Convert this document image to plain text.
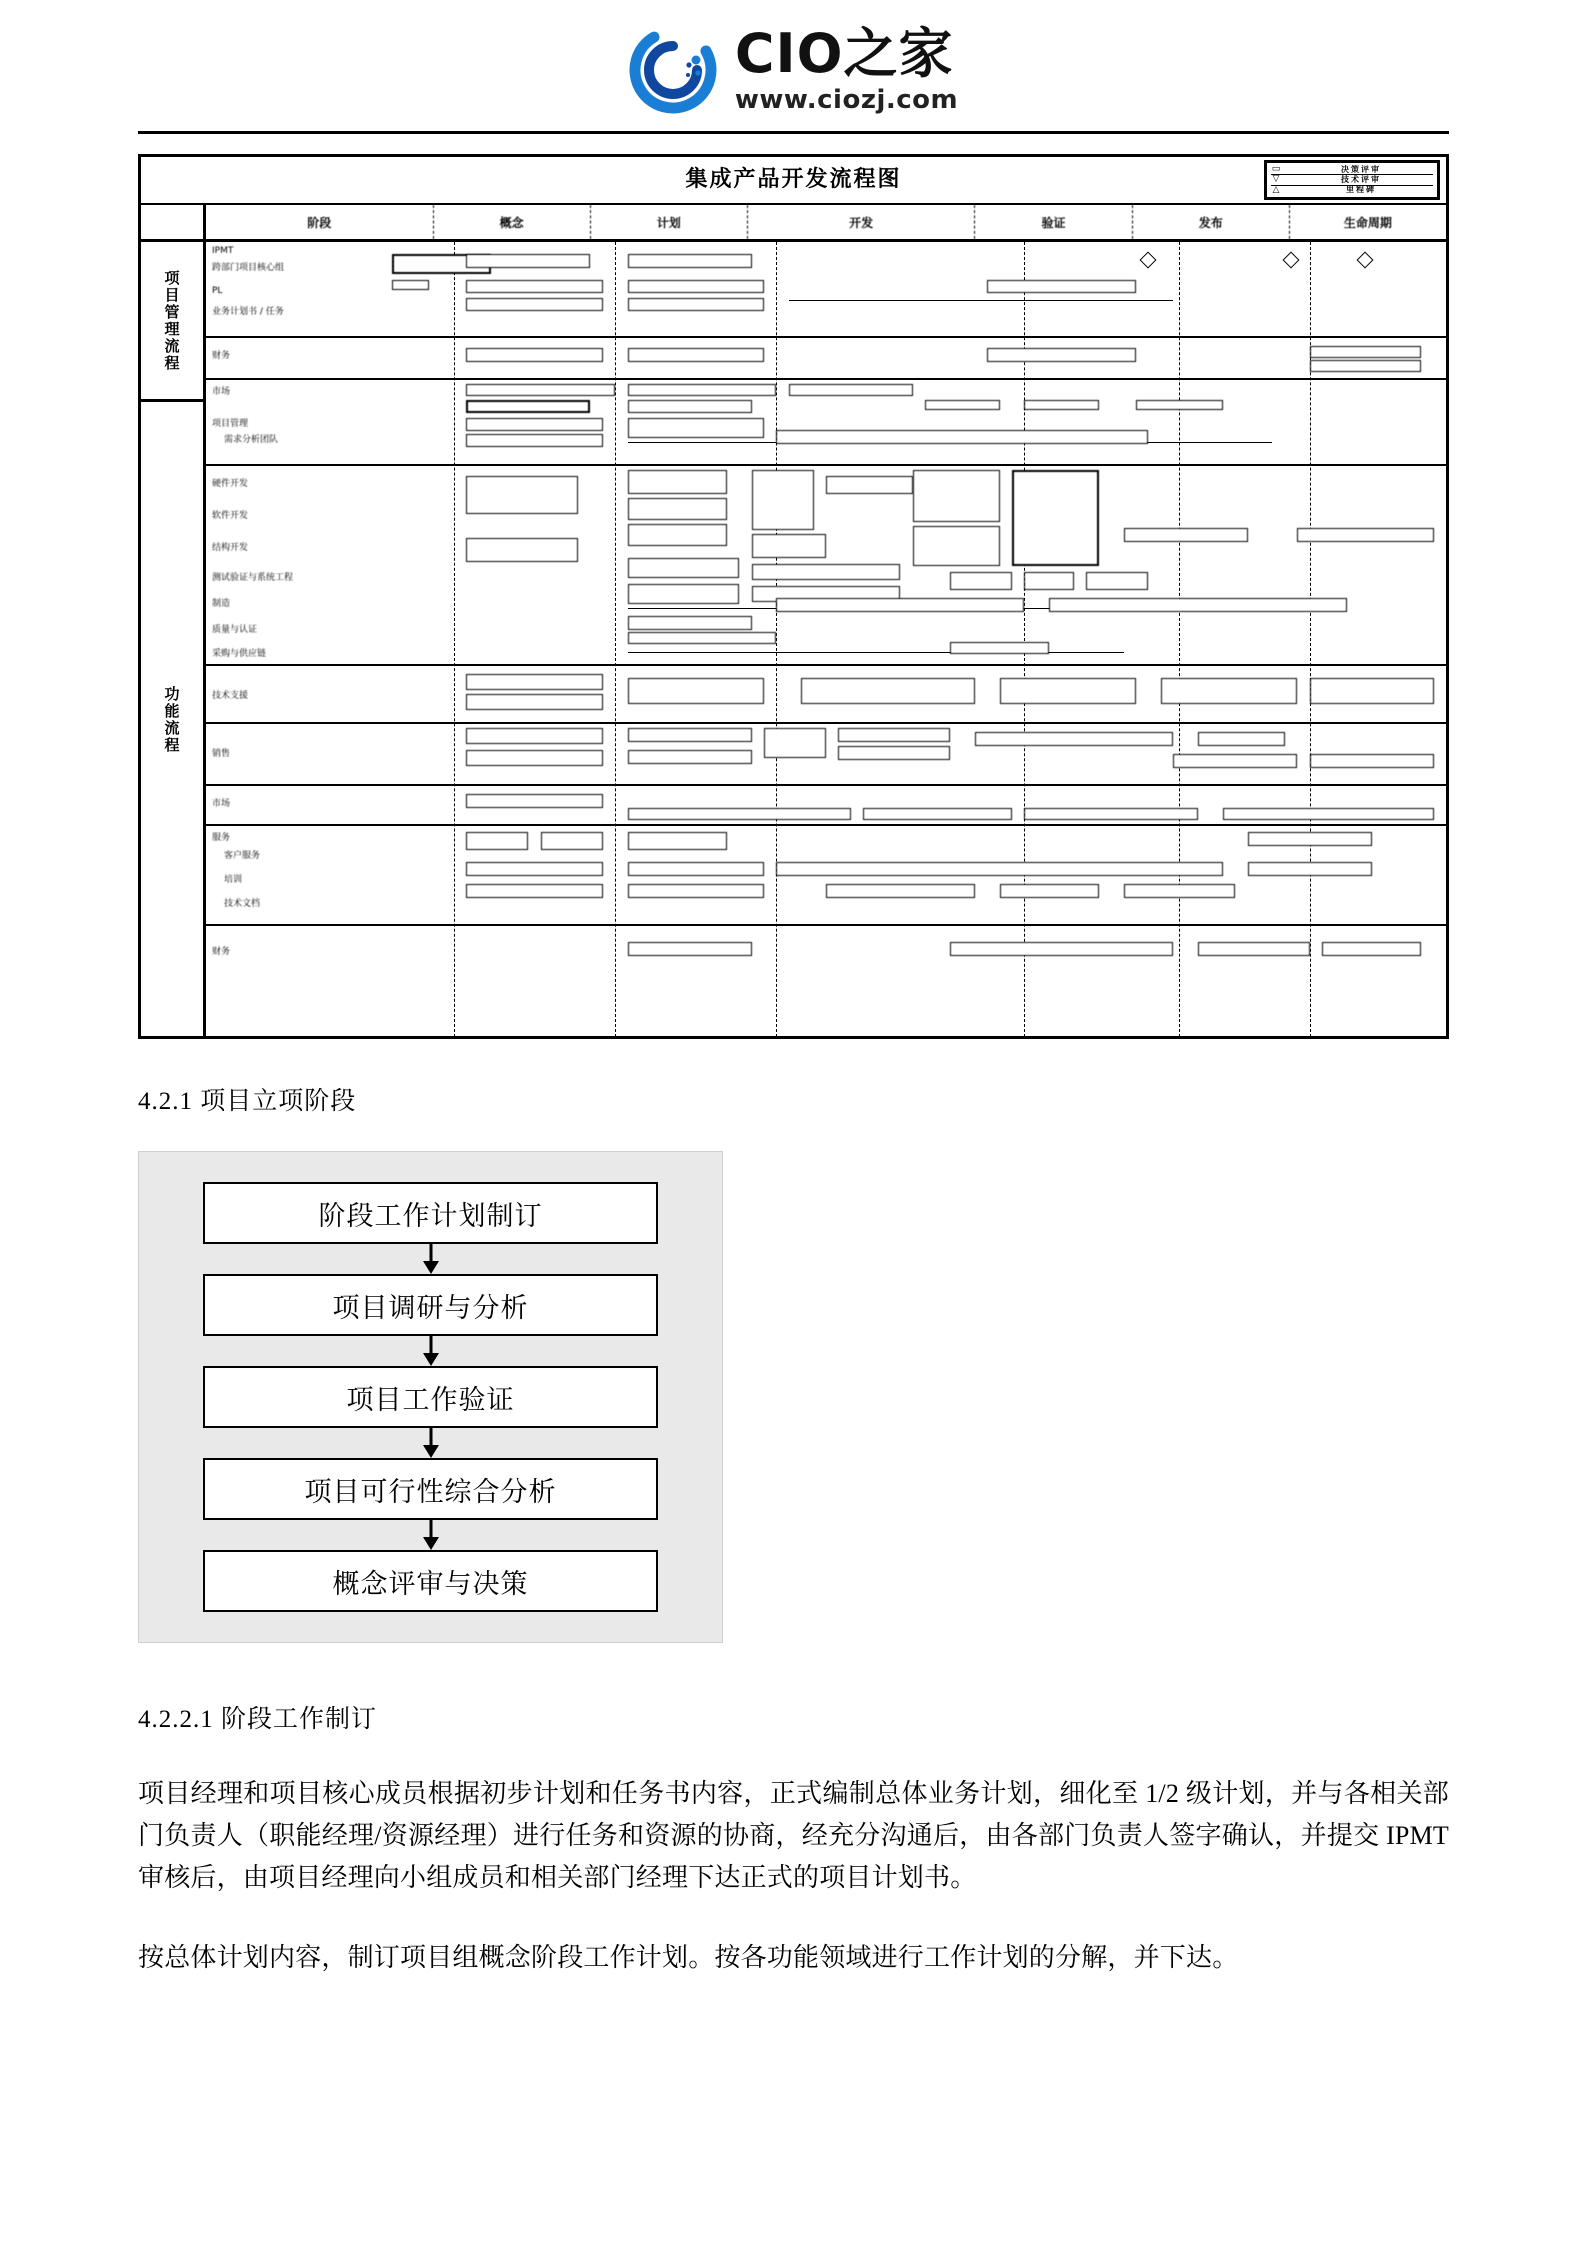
CIO之家
www.ciozj.com
集成产品开发流程图	▭	决策评审
▽	技术评审
△	里程碑
阶段	概念	计划	开发	验证	发布	生命周期
项目管理流程
功能流程
IPMT
跨部门项目核心组
PL
业务计划书 / 任务
财务
市场
项目管理
需求分析团队
硬件开发
软件开发
结构开发
测试验证与系统工程
制造
质量与认证
采购与供应链
技术支援
销售
市场
服务
客户服务
培训
技术文档
财务
4.2.1 项目立项阶段
阶段工作计划制订
项目调研与分析
项目工作验证
项目可行性综合分析
概念评审与决策
4.2.2.1 阶段工作制订

项目经理和项目核心成员根据初步计划和任务书内容，正式编制总体业务计划，细化至 1/2 级计划，并与各相关部门负责人（职能经理/资源经理）进行任务和资源的协商，经充分沟通后，由各部门负责人签字确认，并提交 IPMT 审核后，由项目经理向小组成员和相关部门经理下达正式的项目计划书。

按总体计划内容，制订项目组概念阶段工作计划。按各功能领域进行工作计划的分解，并下达。
